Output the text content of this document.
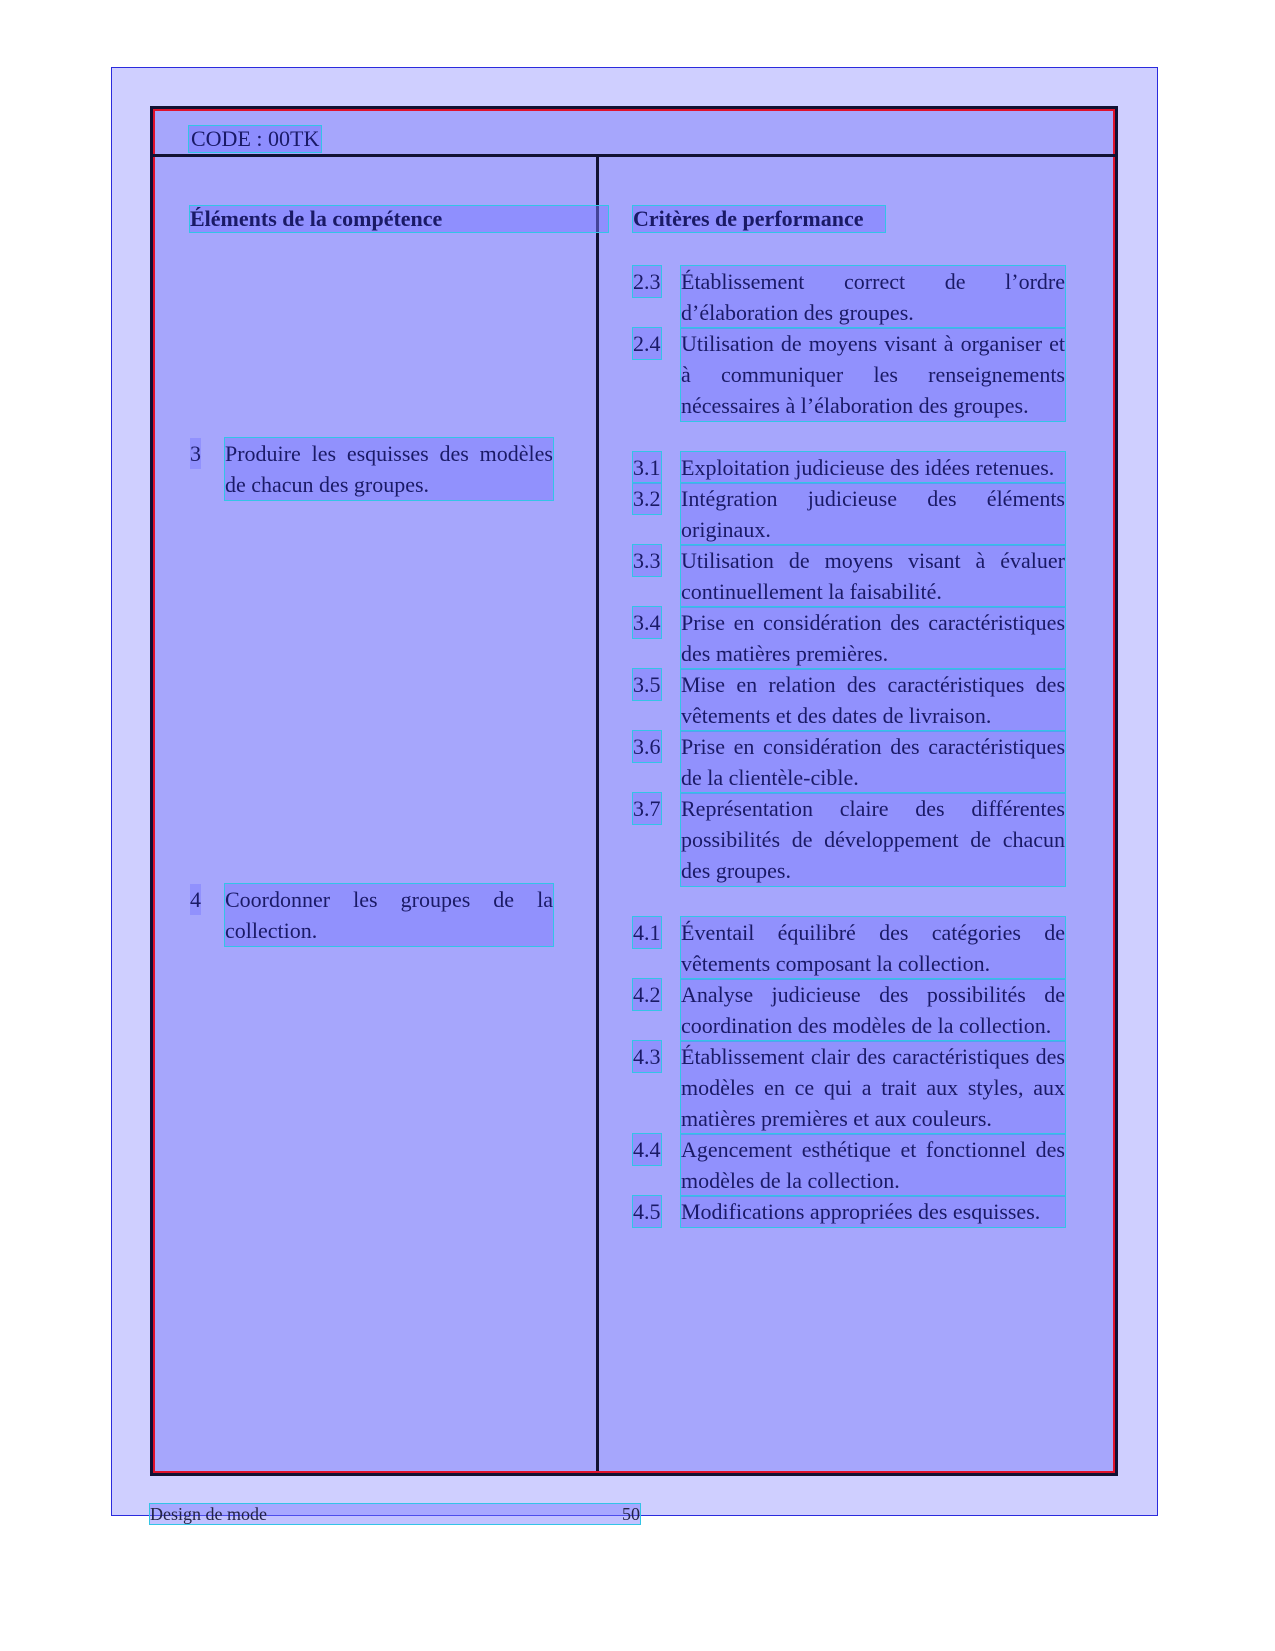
CODE : 00TK
Éléments de la compétence	Critères de performance
3 Produire les esquisses des modèles de chacun des groupes.
4 Coordonner les groupes de la collection.
2.3 Établissement correct de l’ordre d’élaboration des groupes.
2.4 Utilisation de moyens visant à organiser et à communiquer les renseignements nécessaires à l’élaboration des groupes.
3.1 Exploitation judicieuse des idées retenues.
3.2 Intégration judicieuse des éléments originaux.
3.3 Utilisation de moyens visant à évaluer continuellement la faisabilité.
3.4 Prise en considération des caractéristiques des matières premières.
3.5 Mise en relation des caractéristiques des vêtements et des dates de livraison.
3.6 Prise en considération des caractéristiques de la clientèle-cible.
3.7 Représentation claire des différentes possibilités de développement de chacun des groupes.
4.1 Éventail équilibré des catégories de vêtements composant la collection.
4.2 Analyse judicieuse des possibilités de coordination des modèles de la collection.
4.3 Établissement clair des caractéristiques des modèles en ce qui a trait aux styles, aux matières premières et aux couleurs.
4.4 Agencement esthétique et fonctionnel des modèles de la collection.
4.5 Modifications appropriées des esquisses.
Design de mode	50
